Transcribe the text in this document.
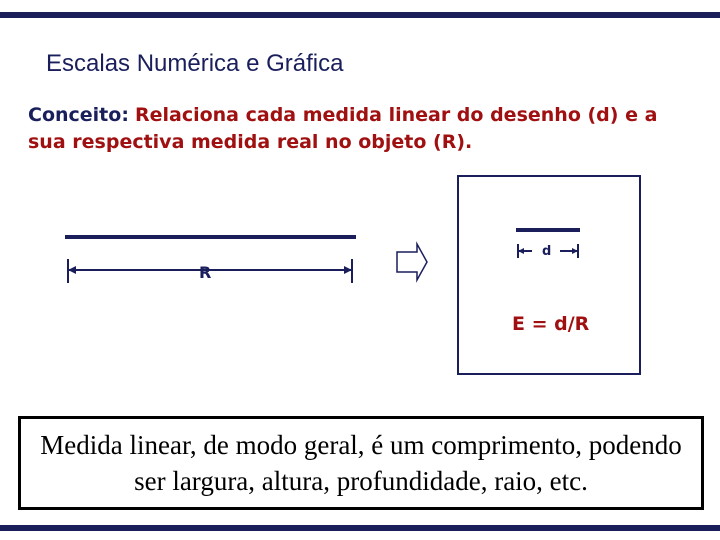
Escalas Numérica e Gráfica
Conceito: Relaciona cada medida linear do desenho (d) e a sua respectiva medida real no objeto (R).
R
d
E = d/R
Medida linear, de modo geral, é um comprimento, podendo ser largura, altura, profundidade, raio, etc.
